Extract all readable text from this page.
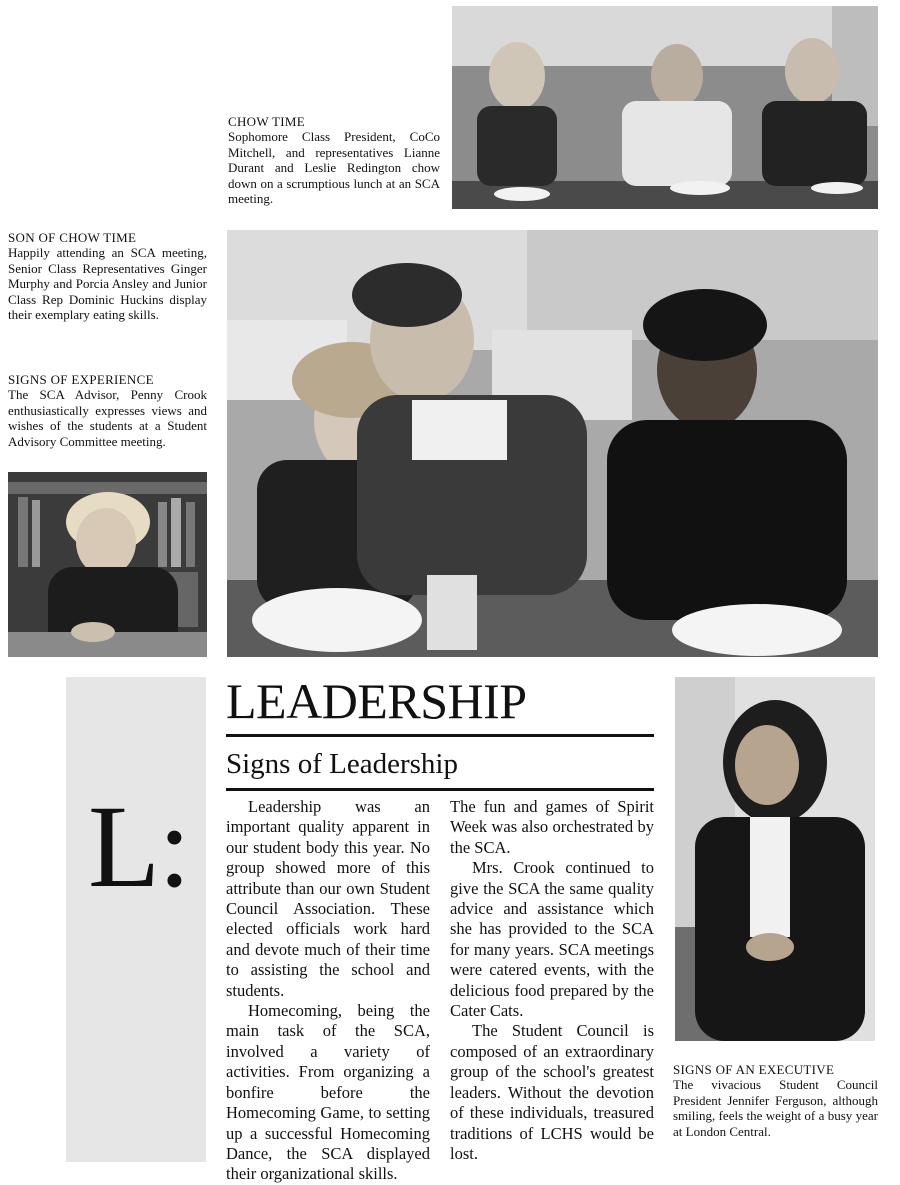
CHOW TIME
Sophomore Class President, CoCo Mitchell, and representatives Lianne Durant and Leslie Redington chow down on a scrumptious lunch at an SCA meeting.
SON OF CHOW TIME
Happily attending an SCA meeting, Senior Class Representatives Ginger Murphy and Porcia Ansley and Junior Class Rep Dominic Huckins display their exemplary eating skills.
SIGNS OF EXPERIENCE
The SCA Advisor, Penny Crook enthusiastically expresses views and wishes of the students at a Student Advisory Committee meeting.
SIGNS OF AN EXECUTIVE
The vivacious Student Council President Jennifer Ferguson, although smiling, feels the weight of a busy year at London Central.
L:
LEADERSHIP
Signs of Leadership

Leadership was an important quality apparent in our student body this year. No group showed more of this attribute than our own Student Council Association. These elected officials work hard and devote much of their time to assisting the school and students.

Homecoming, being the main task of the SCA, involved a variety of activities. From organizing a bonfire before the Homecoming Game, to setting up a successful Homecoming Dance, the SCA displayed their organizational skills.

The fun and games of Spirit Week was also orchestrated by the SCA.

Mrs. Crook continued to give the SCA the same quality advice and assistance which she has provided to the SCA for many years. SCA meetings were catered events, with the delicious food prepared by the Cater Cats.

The Student Council is composed of an extraordinary group of the school's greatest leaders. Without the devotion of these individuals, treasured traditions of LCHS would be lost.
